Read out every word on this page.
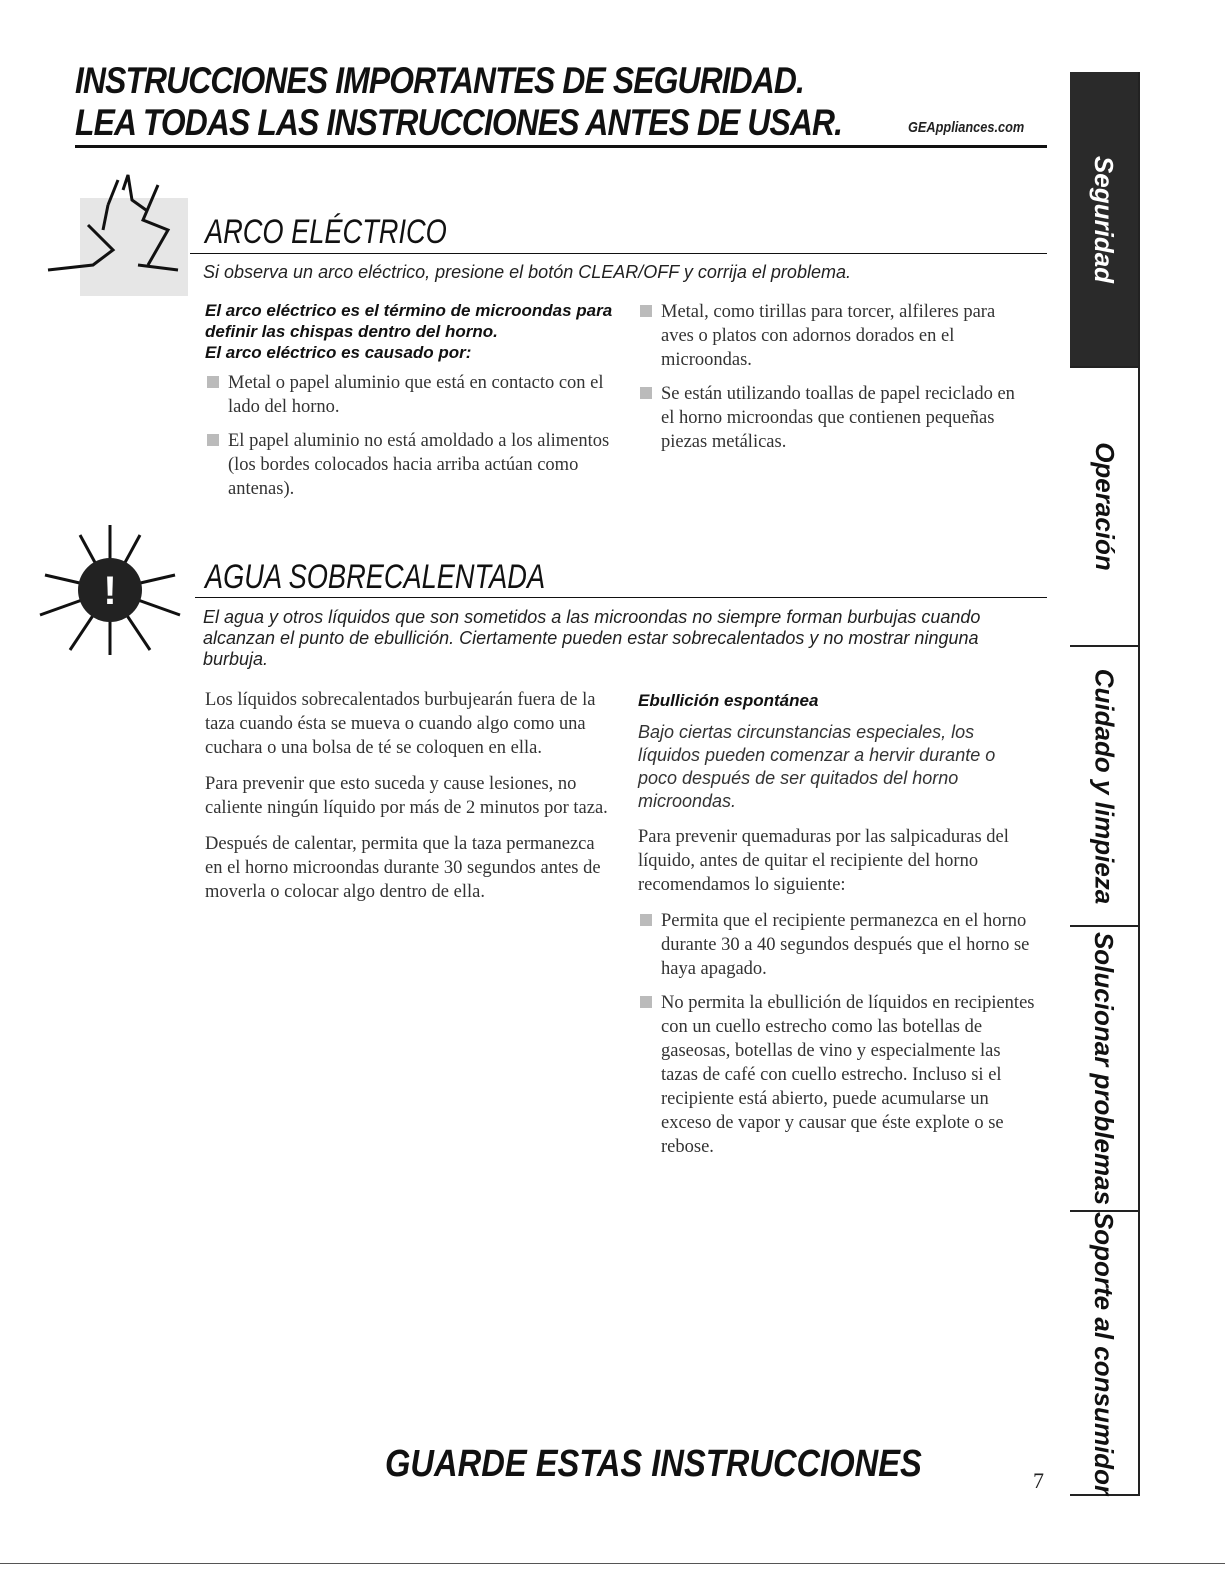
INSTRUCCIONES IMPORTANTES DE SEGURIDAD.
LEA TODAS LAS INSTRUCCIONES ANTES DE USAR.	GEAppliances.com
ARCO ELÉCTRICO
Si observa un arco eléctrico, presione el botón CLEAR/OFF y corrija el problema.
El arco eléctrico es el término de microondas para definir las chispas dentro del horno.
El arco eléctrico es causado por:
Metal o papel aluminio que está en contacto con el lado del horno.
El papel aluminio no está amoldado a los alimentos (los bordes colocados hacia arriba actúan como antenas).
Metal, como tirillas para torcer, alfileres para aves o platos con adornos dorados en el microondas.
Se están utilizando toallas de papel reciclado en el horno microondas que contienen pequeñas piezas metálicas.
!	AGUA SOBRECALENTADA
El agua y otros líquidos que son sometidos a las microondas no siempre forman burbujas cuando alcanzan el punto de ebullición. Ciertamente pueden estar sobrecalentados y no mostrar ninguna burbuja.

Los líquidos sobrecalentados burbujearán fuera de la taza cuando ésta se mueva o cuando algo como una cuchara o una bolsa de té se coloquen en ella.

Para prevenir que esto suceda y cause lesiones, no caliente ningún líquido por más de 2 minutos por taza.

Después de calentar, permita que la taza permanezca en el horno microondas durante 30 segundos antes de moverla o colocar algo dentro de ella.

Ebullición espontánea
Bajo ciertas circunstancias especiales, los líquidos pueden comenzar a hervir durante o poco después de ser quitados del horno microondas.
Para prevenir quemaduras por las salpicaduras del líquido, antes de quitar el recipiente del horno recomendamos lo siguiente:
Permita que el recipiente permanezca en el horno durante 30 a 40 segundos después que el horno se haya apagado.
No permita la ebullición de líquidos en recipientes con un cuello estrecho como las botellas de gaseosas, botellas de vino y especialmente las tazas de café con cuello estrecho. Incluso si el recipiente está abierto, puede acumularse un exceso de vapor y causar que éste explote o se rebose.
GUARDE ESTAS INSTRUCCIONES	7
Seguridad
Operación
Cuidado y limpieza
Solucionar problemas
Soporte al consumidor
